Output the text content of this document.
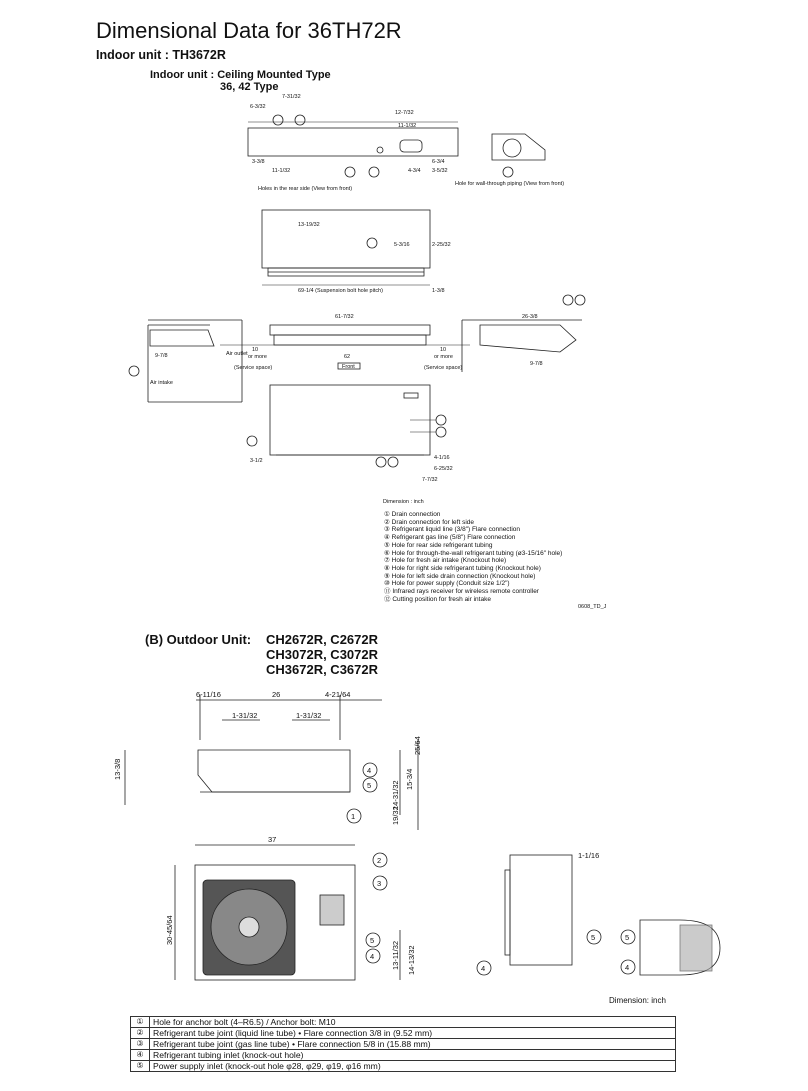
Dimensional Data for 36TH72R
Indoor unit : TH3672R
Indoor unit : Ceiling Mounted Type
36, 42 Type
6-3/32
7-31/32
12-7/32
11-1/32
3-3/8
11-1/32
6-3/4
4-3/4 3-5/32
Holes in the rear side (View from front)
Hole for wall-through piping (View from front)
13-19/32
5-3/16	2-25/32
69-1/4 (Suspension bolt hole pitch)	1-3/8
9-7/8	Air outlet
Air intake
61-7/32
10
or more	62
10
or more
(Service space)	Front	(Service space)
26-3/8
9-7/8
3-1/2	4-1/16
6-25/32
7-7/32
Dimension : inch
0608_TD_J
① Drain connection
② Drain connection for left side
③ Refrigerant liquid line (3/8") Flare connection
④ Refrigerant gas line (5/8") Flare connection
⑤ Hole for rear side refrigerant tubing
⑥ Hole for through-the-wall refrigerant tubing (ø3-15/16" hole)
⑦ Hole for fresh air intake (Knockout hole)
⑧ Hole for right side refrigerant tubing (Knockout hole)
⑨ Hole for left side drain connection (Knockout hole)
⑩ Hole for power supply (Conduit size 1/2")
⑪ Infrared rays receiver for wireless remote controller
⑫ Cutting position for fresh air intake
(B) Outdoor Unit: CH2672R, C2672R
CH3072R, C3072R
CH3672R, C3672R
6-11/16	26	4-21/64
1-31/32	1-31/32
13-3/8
25/64
14-31/32
15-3/4
19/32
37
30-45/64
13-11/32 14-13/32
1-1/16
4
5
1
2
3
5
4
5
4
5
4
Dimension: inch
①	Hole for anchor bolt (4–R6.5) / Anchor bolt: M10
②	Refrigerant tube joint (liquid line tube) • Flare connection 3/8 in (9.52 mm)
③	Refrigerant tube joint (gas line tube) • Flare connection 5/8 in (15.88 mm)
④	Refrigerant tubing inlet (knock-out hole)
⑤	Power supply inlet (knock-out hole φ28, φ29, φ19, φ16 mm)
